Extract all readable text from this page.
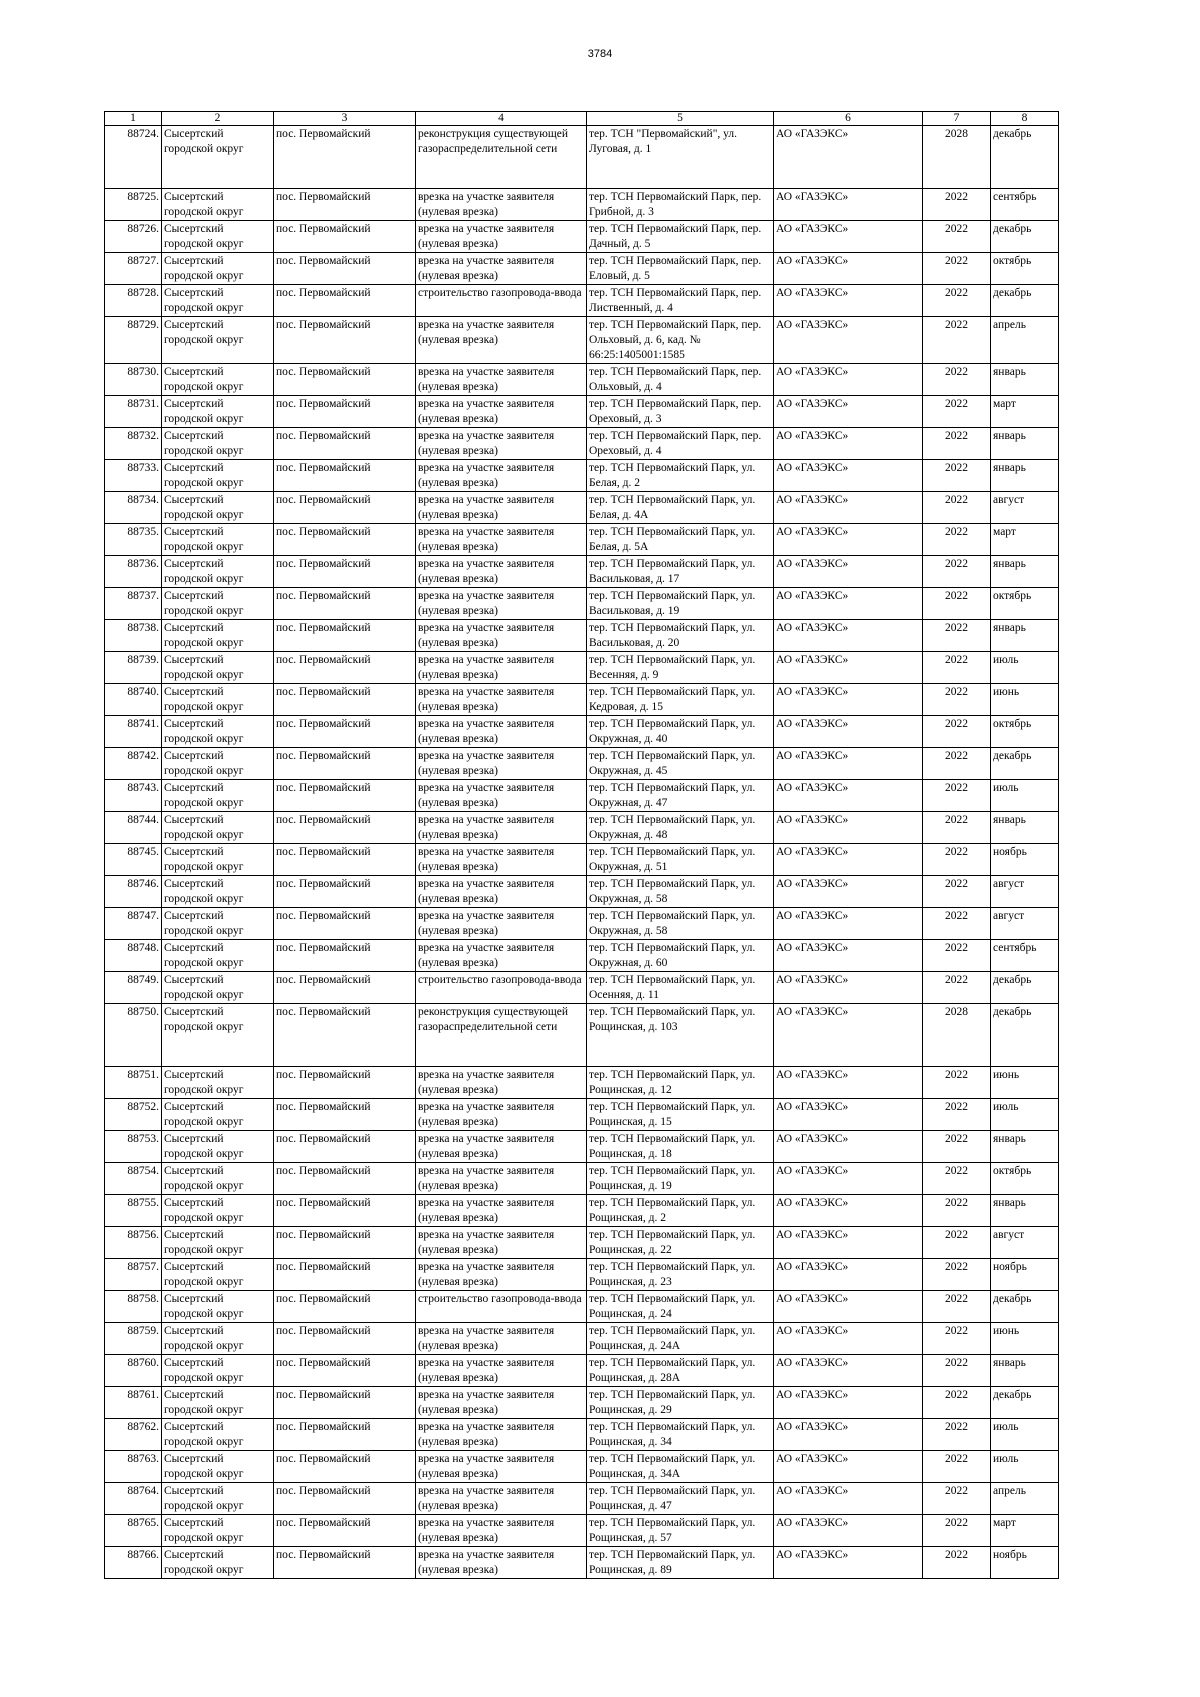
3784
1	2	3	4	5	6	7	8
88724.	Сысертский городской округ	пос. Первомайский	реконструкция существующей газораспределительной сети	тер. ТСН "Первомайский", ул. Луговая, д. 1	АО «ГАЗЭКС»	2028	декабрь
88725.	Сысертский городской округ	пос. Первомайский	врезка на участке заявителя (нулевая врезка)	тер. ТСН Первомайский Парк, пер. Грибной, д. 3	АО «ГАЗЭКС»	2022	сентябрь
88726.	Сысертский городской округ	пос. Первомайский	врезка на участке заявителя (нулевая врезка)	тер. ТСН Первомайский Парк, пер. Дачный, д. 5	АО «ГАЗЭКС»	2022	декабрь
88727.	Сысертский городской округ	пос. Первомайский	врезка на участке заявителя (нулевая врезка)	тер. ТСН Первомайский Парк, пер. Еловый, д. 5	АО «ГАЗЭКС»	2022	октябрь
88728.	Сысертский городской округ	пос. Первомайский	строительство газопровода-ввода	тер. ТСН Первомайский Парк, пер. Лиственный, д. 4	АО «ГАЗЭКС»	2022	декабрь
88729.	Сысертский городской округ	пос. Первомайский	врезка на участке заявителя (нулевая врезка)	тер. ТСН Первомайский Парк, пер. Ольховый, д. 6, кад. № 66:25:1405001:1585	АО «ГАЗЭКС»	2022	апрель
88730.	Сысертский городской округ	пос. Первомайский	врезка на участке заявителя (нулевая врезка)	тер. ТСН Первомайский Парк, пер. Ольховый, д. 4	АО «ГАЗЭКС»	2022	январь
88731.	Сысертский городской округ	пос. Первомайский	врезка на участке заявителя (нулевая врезка)	тер. ТСН Первомайский Парк, пер. Ореховый, д. 3	АО «ГАЗЭКС»	2022	март
88732.	Сысертский городской округ	пос. Первомайский	врезка на участке заявителя (нулевая врезка)	тер. ТСН Первомайский Парк, пер. Ореховый, д. 4	АО «ГАЗЭКС»	2022	январь
88733.	Сысертский городской округ	пос. Первомайский	врезка на участке заявителя (нулевая врезка)	тер. ТСН Первомайский Парк, ул. Белая, д. 2	АО «ГАЗЭКС»	2022	январь
88734.	Сысертский городской округ	пос. Первомайский	врезка на участке заявителя (нулевая врезка)	тер. ТСН Первомайский Парк, ул. Белая, д. 4А	АО «ГАЗЭКС»	2022	август
88735.	Сысертский городской округ	пос. Первомайский	врезка на участке заявителя (нулевая врезка)	тер. ТСН Первомайский Парк, ул. Белая, д. 5А	АО «ГАЗЭКС»	2022	март
88736.	Сысертский городской округ	пос. Первомайский	врезка на участке заявителя (нулевая врезка)	тер. ТСН Первомайский Парк, ул. Васильковая, д. 17	АО «ГАЗЭКС»	2022	январь
88737.	Сысертский городской округ	пос. Первомайский	врезка на участке заявителя (нулевая врезка)	тер. ТСН Первомайский Парк, ул. Васильковая, д. 19	АО «ГАЗЭКС»	2022	октябрь
88738.	Сысертский городской округ	пос. Первомайский	врезка на участке заявителя (нулевая врезка)	тер. ТСН Первомайский Парк, ул. Васильковая, д. 20	АО «ГАЗЭКС»	2022	январь
88739.	Сысертский городской округ	пос. Первомайский	врезка на участке заявителя (нулевая врезка)	тер. ТСН Первомайский Парк, ул. Весенняя, д. 9	АО «ГАЗЭКС»	2022	июль
88740.	Сысертский городской округ	пос. Первомайский	врезка на участке заявителя (нулевая врезка)	тер. ТСН Первомайский Парк, ул. Кедровая, д. 15	АО «ГАЗЭКС»	2022	июнь
88741.	Сысертский городской округ	пос. Первомайский	врезка на участке заявителя (нулевая врезка)	тер. ТСН Первомайский Парк, ул. Окружная, д. 40	АО «ГАЗЭКС»	2022	октябрь
88742.	Сысертский городской округ	пос. Первомайский	врезка на участке заявителя (нулевая врезка)	тер. ТСН Первомайский Парк, ул. Окружная, д. 45	АО «ГАЗЭКС»	2022	декабрь
88743.	Сысертский городской округ	пос. Первомайский	врезка на участке заявителя (нулевая врезка)	тер. ТСН Первомайский Парк, ул. Окружная, д. 47	АО «ГАЗЭКС»	2022	июль
88744.	Сысертский городской округ	пос. Первомайский	врезка на участке заявителя (нулевая врезка)	тер. ТСН Первомайский Парк, ул. Окружная, д. 48	АО «ГАЗЭКС»	2022	январь
88745.	Сысертский городской округ	пос. Первомайский	врезка на участке заявителя (нулевая врезка)	тер. ТСН Первомайский Парк, ул. Окружная, д. 51	АО «ГАЗЭКС»	2022	ноябрь
88746.	Сысертский городской округ	пос. Первомайский	врезка на участке заявителя (нулевая врезка)	тер. ТСН Первомайский Парк, ул. Окружная, д. 58	АО «ГАЗЭКС»	2022	август
88747.	Сысертский городской округ	пос. Первомайский	врезка на участке заявителя (нулевая врезка)	тер. ТСН Первомайский Парк, ул. Окружная, д. 58	АО «ГАЗЭКС»	2022	август
88748.	Сысертский городской округ	пос. Первомайский	врезка на участке заявителя (нулевая врезка)	тер. ТСН Первомайский Парк, ул. Окружная, д. 60	АО «ГАЗЭКС»	2022	сентябрь
88749.	Сысертский городской округ	пос. Первомайский	строительство газопровода-ввода	тер. ТСН Первомайский Парк, ул. Осенняя, д. 11	АО «ГАЗЭКС»	2022	декабрь
88750.	Сысертский городской округ	пос. Первомайский	реконструкция существующей газораспределительной сети	тер. ТСН Первомайский Парк, ул. Рощинская, д. 103	АО «ГАЗЭКС»	2028	декабрь
88751.	Сысертский городской округ	пос. Первомайский	врезка на участке заявителя (нулевая врезка)	тер. ТСН Первомайский Парк, ул. Рощинская, д. 12	АО «ГАЗЭКС»	2022	июнь
88752.	Сысертский городской округ	пос. Первомайский	врезка на участке заявителя (нулевая врезка)	тер. ТСН Первомайский Парк, ул. Рощинская, д. 15	АО «ГАЗЭКС»	2022	июль
88753.	Сысертский городской округ	пос. Первомайский	врезка на участке заявителя (нулевая врезка)	тер. ТСН Первомайский Парк, ул. Рощинская, д. 18	АО «ГАЗЭКС»	2022	январь
88754.	Сысертский городской округ	пос. Первомайский	врезка на участке заявителя (нулевая врезка)	тер. ТСН Первомайский Парк, ул. Рощинская, д. 19	АО «ГАЗЭКС»	2022	октябрь
88755.	Сысертский городской округ	пос. Первомайский	врезка на участке заявителя (нулевая врезка)	тер. ТСН Первомайский Парк, ул. Рощинская, д. 2	АО «ГАЗЭКС»	2022	январь
88756.	Сысертский городской округ	пос. Первомайский	врезка на участке заявителя (нулевая врезка)	тер. ТСН Первомайский Парк, ул. Рощинская, д. 22	АО «ГАЗЭКС»	2022	август
88757.	Сысертский городской округ	пос. Первомайский	врезка на участке заявителя (нулевая врезка)	тер. ТСН Первомайский Парк, ул. Рощинская, д. 23	АО «ГАЗЭКС»	2022	ноябрь
88758.	Сысертский городской округ	пос. Первомайский	строительство газопровода-ввода	тер. ТСН Первомайский Парк, ул. Рощинская, д. 24	АО «ГАЗЭКС»	2022	декабрь
88759.	Сысертский городской округ	пос. Первомайский	врезка на участке заявителя (нулевая врезка)	тер. ТСН Первомайский Парк, ул. Рощинская, д. 24А	АО «ГАЗЭКС»	2022	июнь
88760.	Сысертский городской округ	пос. Первомайский	врезка на участке заявителя (нулевая врезка)	тер. ТСН Первомайский Парк, ул. Рощинская, д. 28А	АО «ГАЗЭКС»	2022	январь
88761.	Сысертский городской округ	пос. Первомайский	врезка на участке заявителя (нулевая врезка)	тер. ТСН Первомайский Парк, ул. Рощинская, д. 29	АО «ГАЗЭКС»	2022	декабрь
88762.	Сысертский городской округ	пос. Первомайский	врезка на участке заявителя (нулевая врезка)	тер. ТСН Первомайский Парк, ул. Рощинская, д. 34	АО «ГАЗЭКС»	2022	июль
88763.	Сысертский городской округ	пос. Первомайский	врезка на участке заявителя (нулевая врезка)	тер. ТСН Первомайский Парк, ул. Рощинская, д. 34А	АО «ГАЗЭКС»	2022	июль
88764.	Сысертский городской округ	пос. Первомайский	врезка на участке заявителя (нулевая врезка)	тер. ТСН Первомайский Парк, ул. Рощинская, д. 47	АО «ГАЗЭКС»	2022	апрель
88765.	Сысертский городской округ	пос. Первомайский	врезка на участке заявителя (нулевая врезка)	тер. ТСН Первомайский Парк, ул. Рощинская, д. 57	АО «ГАЗЭКС»	2022	март
88766.	Сысертский городской округ	пос. Первомайский	врезка на участке заявителя (нулевая врезка)	тер. ТСН Первомайский Парк, ул. Рощинская, д. 89	АО «ГАЗЭКС»	2022	ноябрь
